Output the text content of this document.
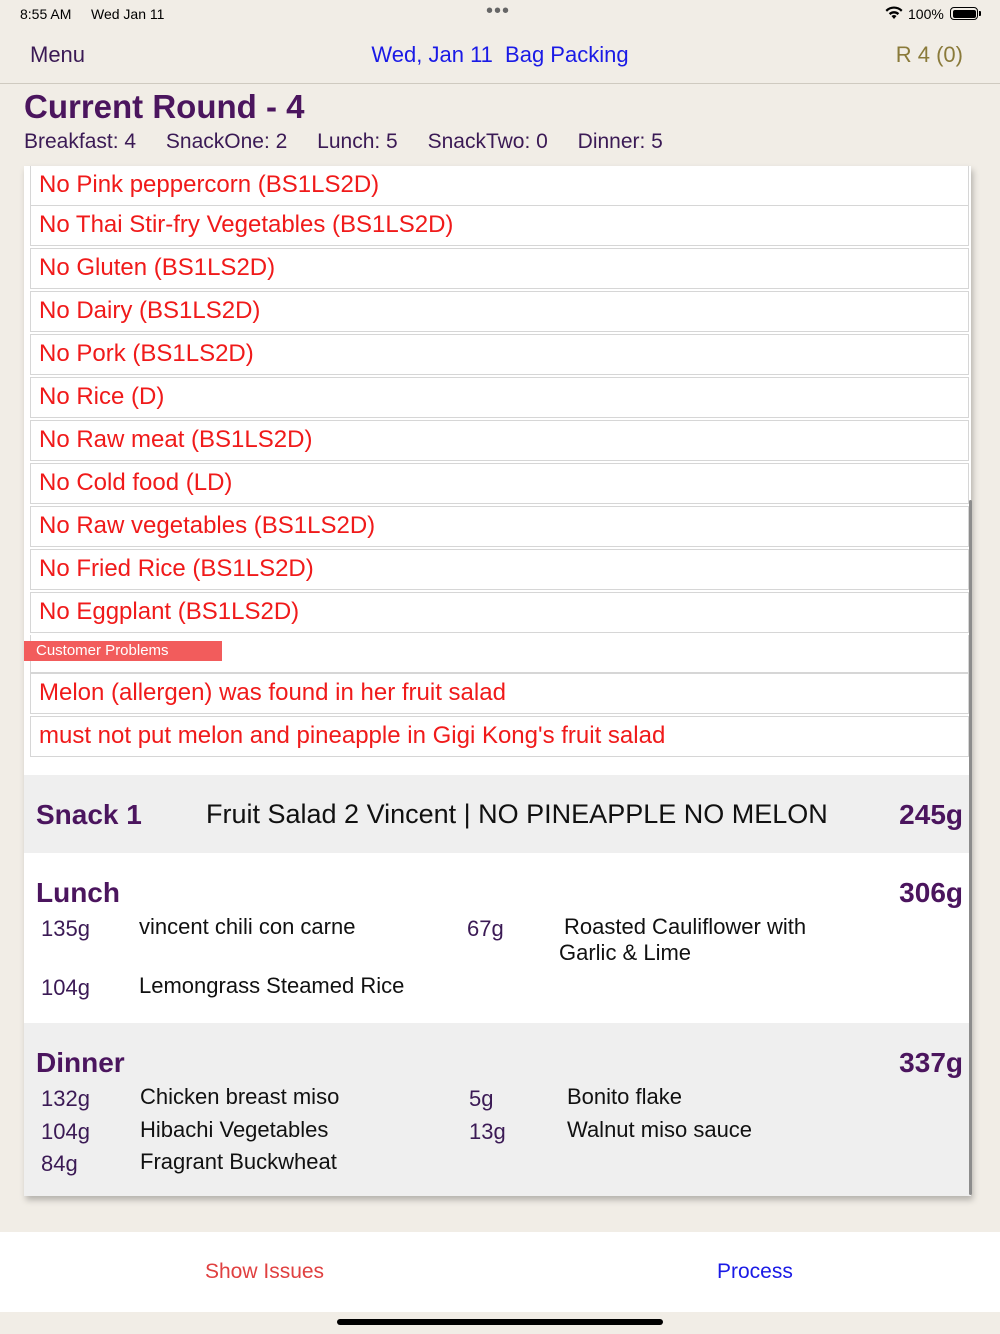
8:55 AM Wed Jan 11	•••	100%
Menu	Wed, Jan 11 Bag Packing	R 4 (0)
Current Round - 4
Breakfast: 4 SnackOne: 2 Lunch: 5 SnackTwo: 0 Dinner: 5
No Pink peppercorn (BS1LS2D)
No Thai Stir-fry Vegetables (BS1LS2D)
No Gluten (BS1LS2D)
No Dairy (BS1LS2D)
No Pork (BS1LS2D)
No Rice (D)
No Raw meat (BS1LS2D)
No Cold food (LD)
No Raw vegetables (BS1LS2D)
No Fried Rice (BS1LS2D)
No Eggplant (BS1LS2D)
Customer Problems
Melon (allergen) was found in her fruit salad
must not put melon and pineapple in Gigi Kong's fruit salad
Snack 1 Fruit Salad 2 Vincent | NO PINEAPPLE NO MELON	245g
Lunch	306g
135g vincent chili con carne	67g	Roasted Cauliflower with Garlic & Lime
104g Lemongrass Steamed Rice
Dinner	337g
132g Chicken breast miso	5g	Bonito flake
104g Hibachi Vegetables	13g	Walnut miso sauce
84g	Fragrant Buckwheat
Show Issues	Process
